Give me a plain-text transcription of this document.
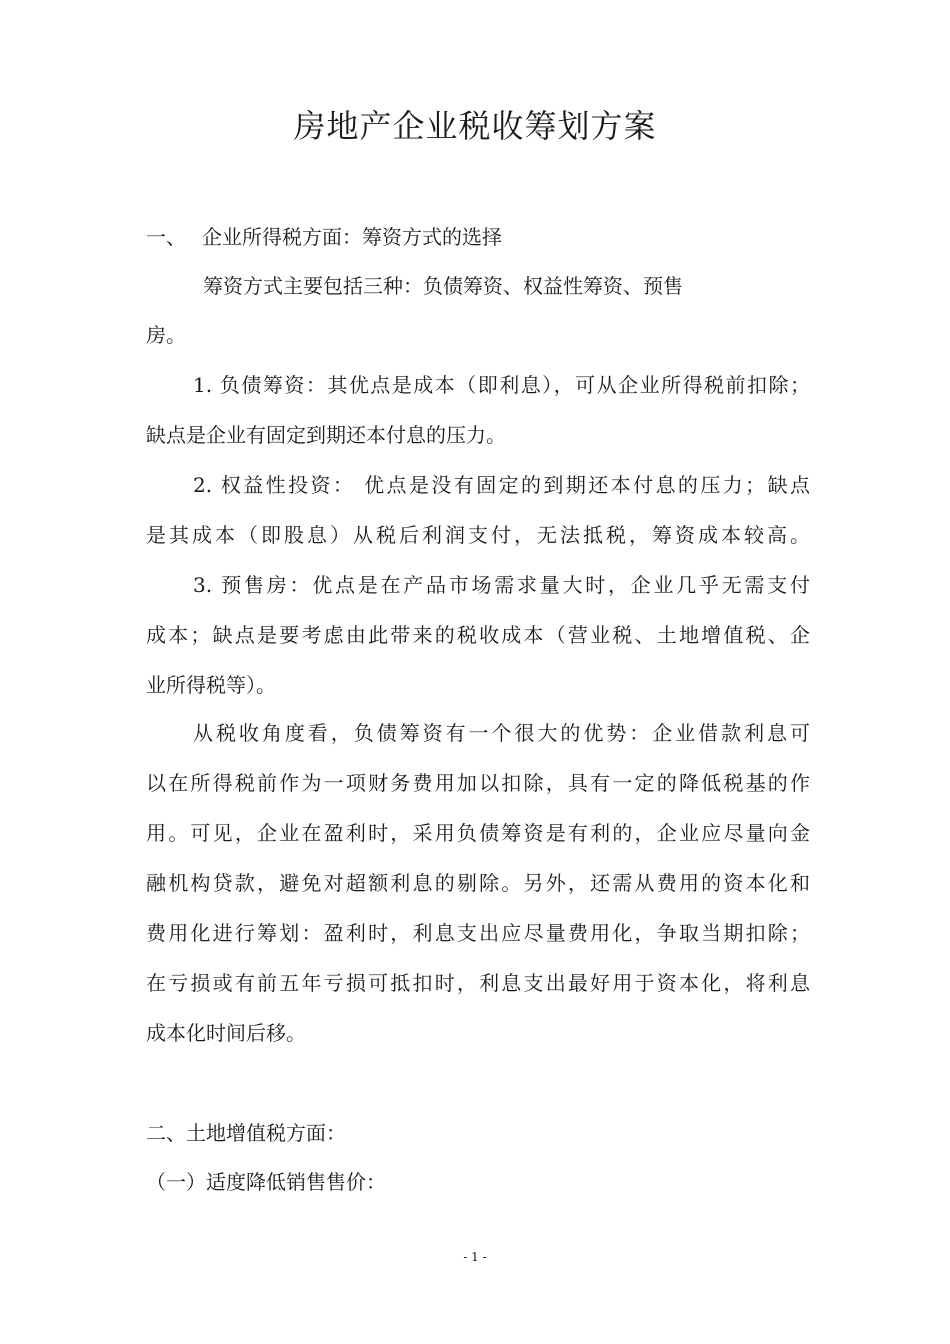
房地产企业税收筹划方案
一、 企业所得税方面：筹资方式的选择
筹资方式主要包括三种：负债筹资、权益性筹资、预售
房。
1. 负债筹资：其优点是成本（即利息），可从企业所得税前扣除；
缺点是企业有固定到期还本付息的压力。
2. 权益性投资： 优点是没有固定的到期还本付息的压力；缺点
是其成本（即股息）从税后利润支付，无法抵税，筹资成本较高。
3. 预售房：优点是在产品市场需求量大时，企业几乎无需支付
成本；缺点是要考虑由此带来的税收成本（营业税、土地增值税、企
业所得税等）。
从税收角度看，负债筹资有一个很大的优势：企业借款利息可
以在所得税前作为一项财务费用加以扣除，具有一定的降低税基的作
用。可见，企业在盈利时，采用负债筹资是有利的，企业应尽量向金
融机构贷款，避免对超额利息的剔除。另外，还需从费用的资本化和
费用化进行筹划：盈利时，利息支出应尽量费用化，争取当期扣除；
在亏损或有前五年亏损可抵扣时，利息支出最好用于资本化，将利息
成本化时间后移。
二、土地增值税方面：
（一）适度降低销售售价：
- 1 -
